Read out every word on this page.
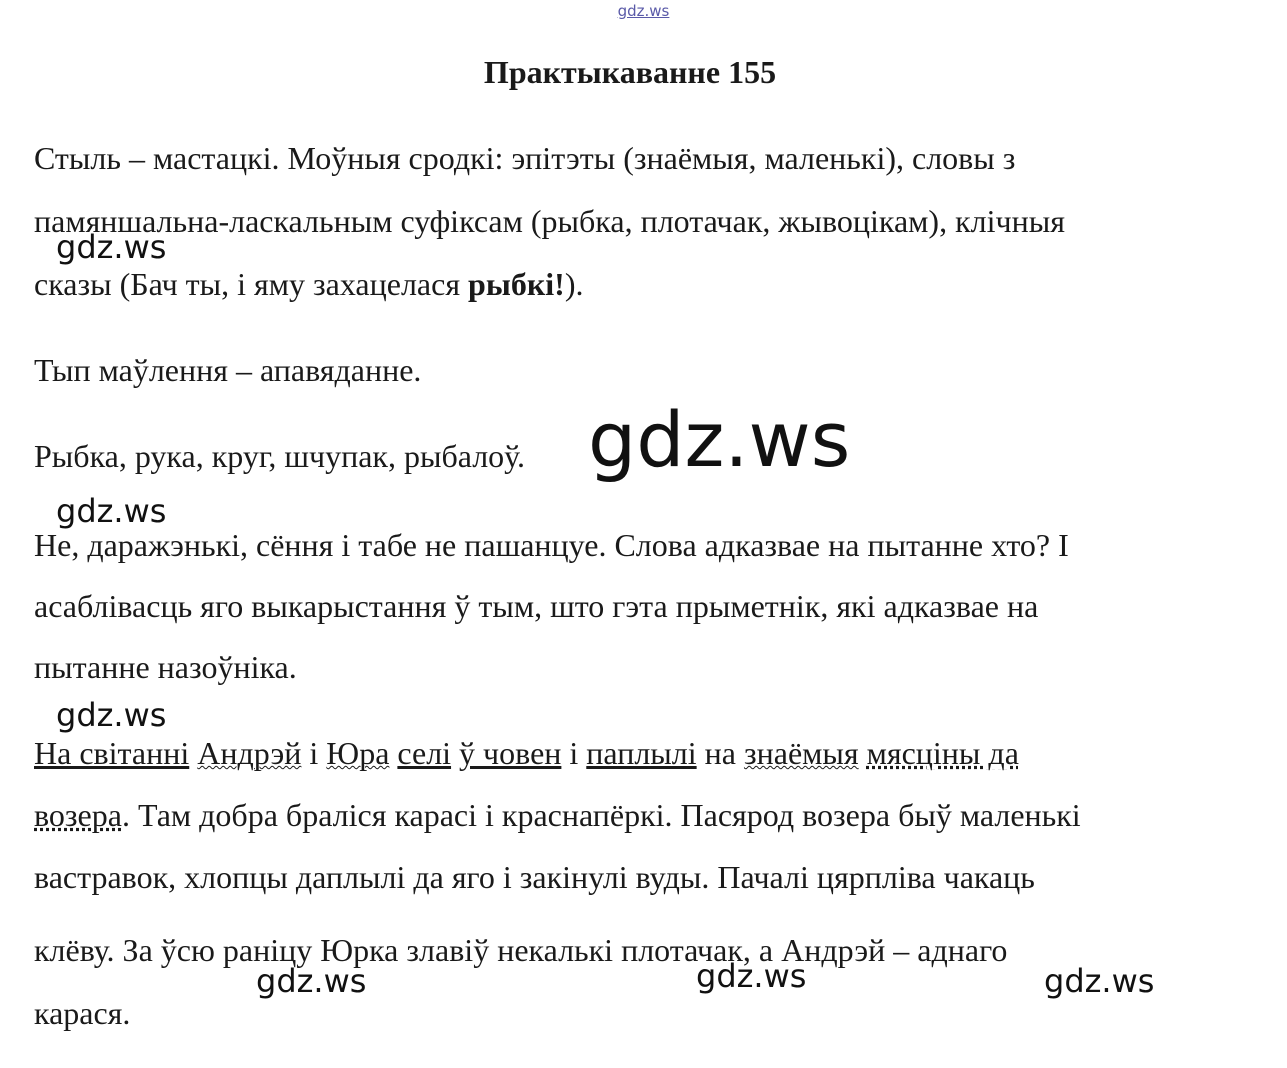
gdz.ws
Практыкаванне 155
Стыль – мастацкі. Моўныя сродкі: эпітэты (знаёмыя, маленькі), словы з
памяншальна-ласкальным суфіксам (рыбка, плотачак, жывоцікам), клічныя
сказы (Бач ты, і яму захацелася рыбкі!).
Тып маўлення – апавяданне.
Рыбка, рука, круг, шчупак, рыбалоў.
Не, даражэнькі, сёння і табе не пашанцуе. Слова адказвае на пытанне хто? І
асаблівасць яго выкарыстання ў тым, што гэта прыметнік, які адказвае на
пытанне назоўніка.
На світанні Андрэй і Юра селі ў човен і паплылі на знаёмыя мясціны да
возера. Там добра браліся карасі і краснапёркі. Пасярод возера быў маленькі
вастравок, хлопцы даплылі да яго і закінулі вуды. Пачалі цярпліва чакаць
клёву. За ўсю раніцу Юрка злавіў некалькі плотачак, а Андрэй – аднаго
карася.
gdz.ws
gdz.ws
gdz.ws
gdz.ws
gdz.ws	gdz.ws	gdz.ws
